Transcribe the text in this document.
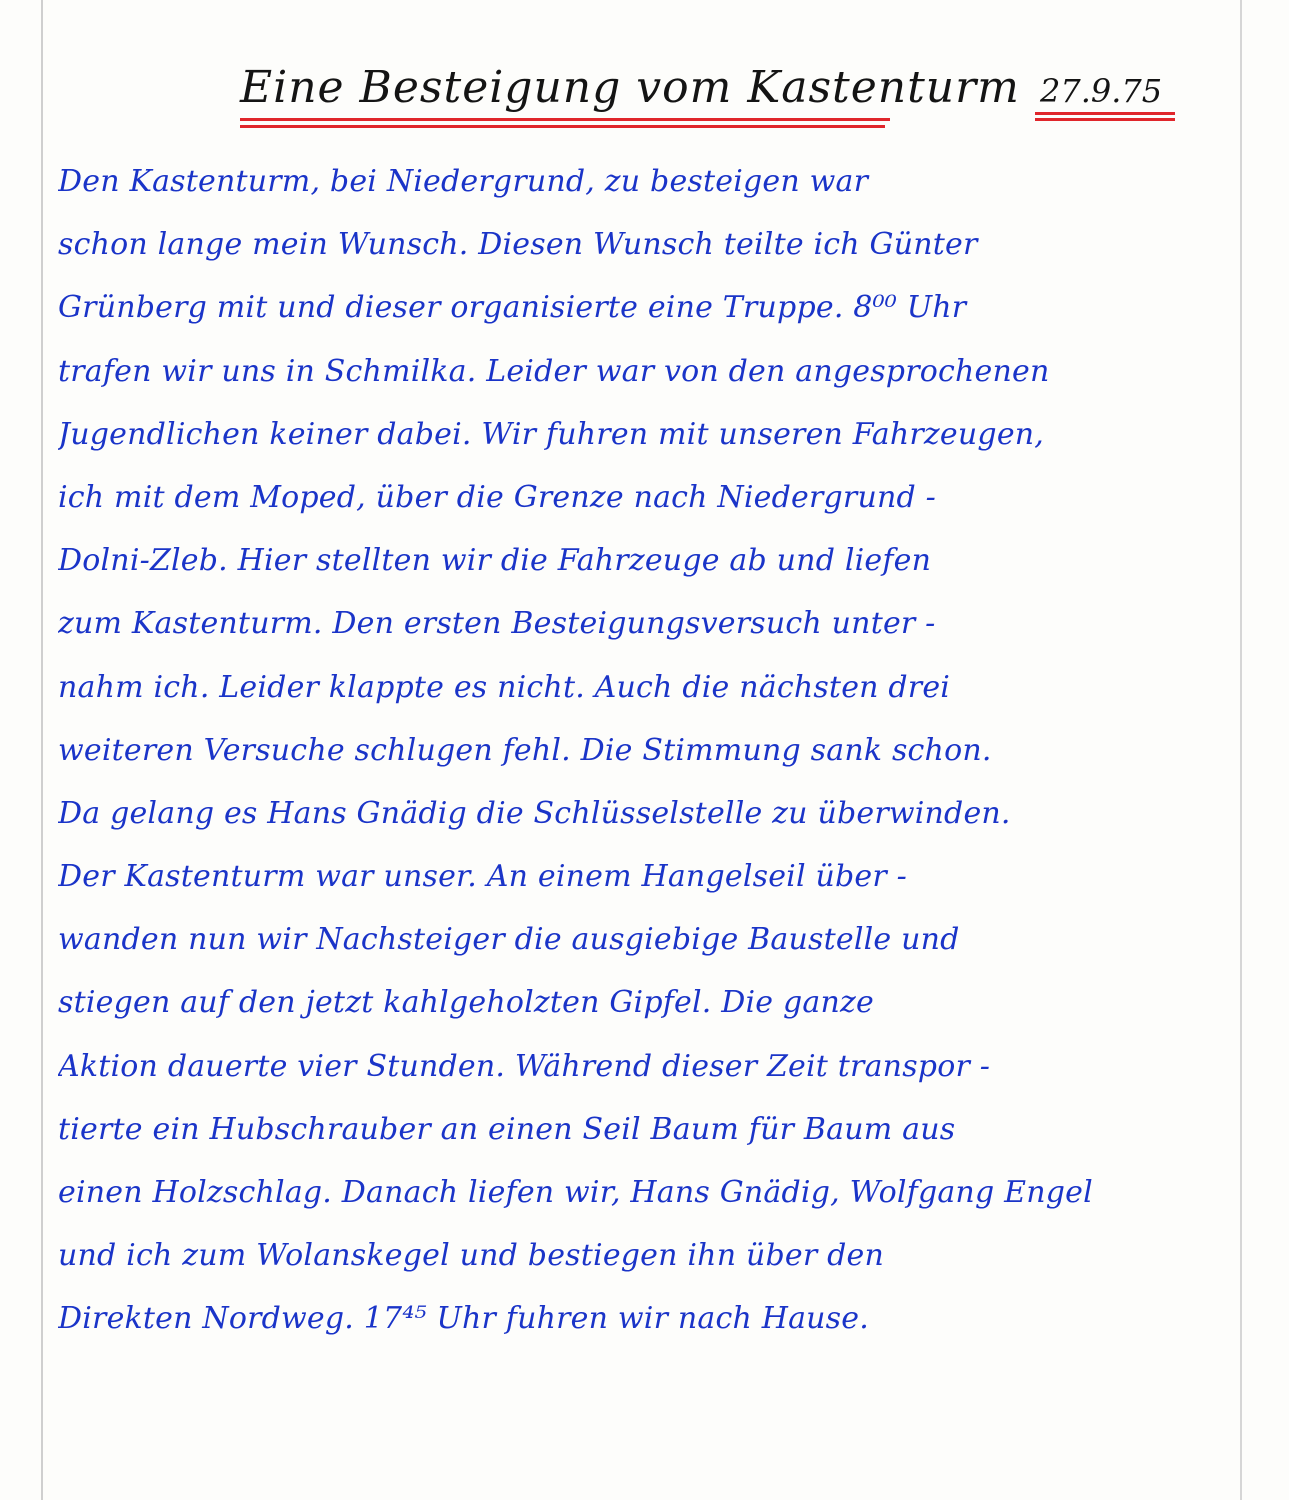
Eine Besteigung vom Kastenturm 27.9.75
Den Kastenturm, bei Niedergrund, zu besteigen war
schon lange mein Wunsch. Diesen Wunsch teilte ich Günter
Grünberg mit und dieser organisierte eine Truppe. 8⁰⁰ Uhr
trafen wir uns in Schmilka. Leider war von den angesprochenen
Jugendlichen keiner dabei. Wir fuhren mit unseren Fahrzeugen,
ich mit dem Moped, über die Grenze nach Niedergrund -
Dolni-Zleb. Hier stellten wir die Fahrzeuge ab und liefen
zum Kastenturm. Den ersten Besteigungsversuch unter -
nahm ich. Leider klappte es nicht. Auch die nächsten drei
weiteren Versuche schlugen fehl. Die Stimmung sank schon.
Da gelang es Hans Gnädig die Schlüsselstelle zu überwinden.
Der Kastenturm war unser. An einem Hangelseil über -
wanden nun wir Nachsteiger die ausgiebige Baustelle und
stiegen auf den jetzt kahlgeholzten Gipfel. Die ganze
Aktion dauerte vier Stunden. Während dieser Zeit transpor -
tierte ein Hubschrauber an einen Seil Baum für Baum aus
einen Holzschlag. Danach liefen wir, Hans Gnädig, Wolfgang Engel
und ich zum Wolanskegel und bestiegen ihn über den
Direkten Nordweg. 17⁴⁵ Uhr fuhren wir nach Hause.
